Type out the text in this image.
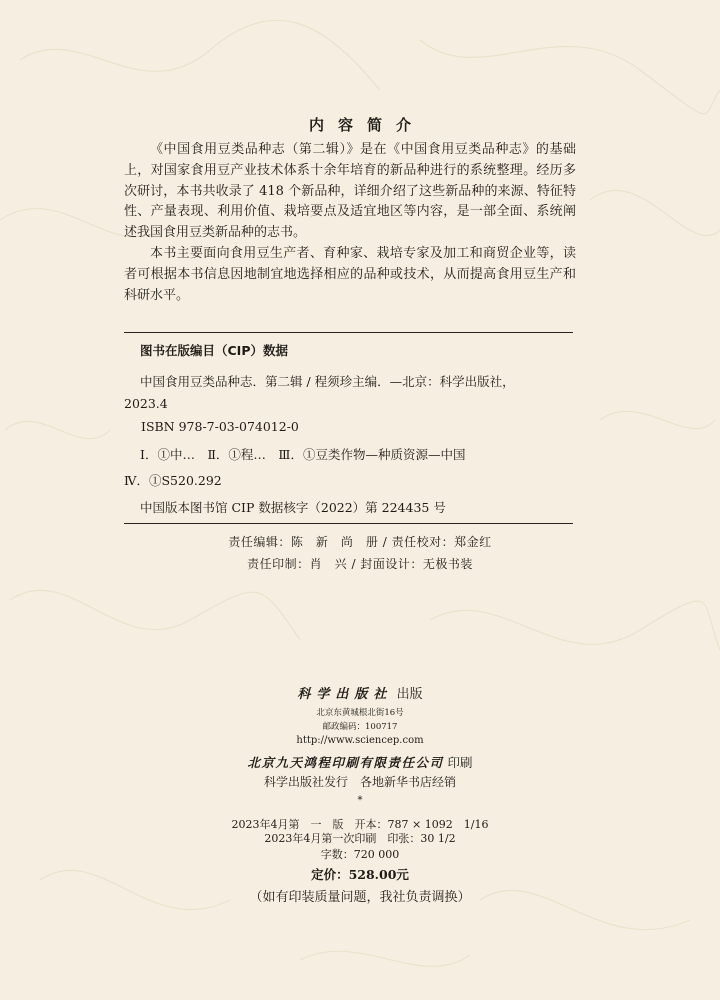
内容简介

《中国食用豆类品种志（第二辑）》是在《中国食用豆类品种志》的基础上，对国家食用豆产业技术体系十余年培育的新品种进行的系统整理。经历多次研讨，本书共收录了 418 个新品种，详细介绍了这些新品种的来源、特征特性、产量表现、利用价值、栽培要点及适宜地区等内容，是一部全面、系统阐述我国食用豆类新品种的志书。

本书主要面向食用豆生产者、育种家、栽培专家及加工和商贸企业等，读者可根据本书信息因地制宜地选择相应的品种或技术，从而提高食用豆生产和科研水平。

图书在版编目（CIP）数据
中国食用豆类品种志．第二辑 / 程须珍主编．—北京：科学出版社，
2023.4
ISBN 978-7-03-074012-0
Ⅰ．①中…　Ⅱ．①程…　Ⅲ．①豆类作物—种质资源—中国
Ⅳ．①S520.292
中国版本图书馆 CIP 数据核字（2022）第 224435 号
责任编辑：陈　新　尚　册 / 责任校对：郑金红
责任印制：肖　兴 / 封面设计：无极书装
科学出版社 出版
北京东黄城根北街16号
邮政编码：100717
http://www.sciencep.com
北京九天鸿程印刷有限责任公司 印刷
科学出版社发行　各地新华书店经销
*
2023年4月第　一　版　开本：787 × 1092　1/16
2023年4月第一次印刷　印张：30 1/2
字数：720 000
定价：528.00元
（如有印装质量问题，我社负责调换）
